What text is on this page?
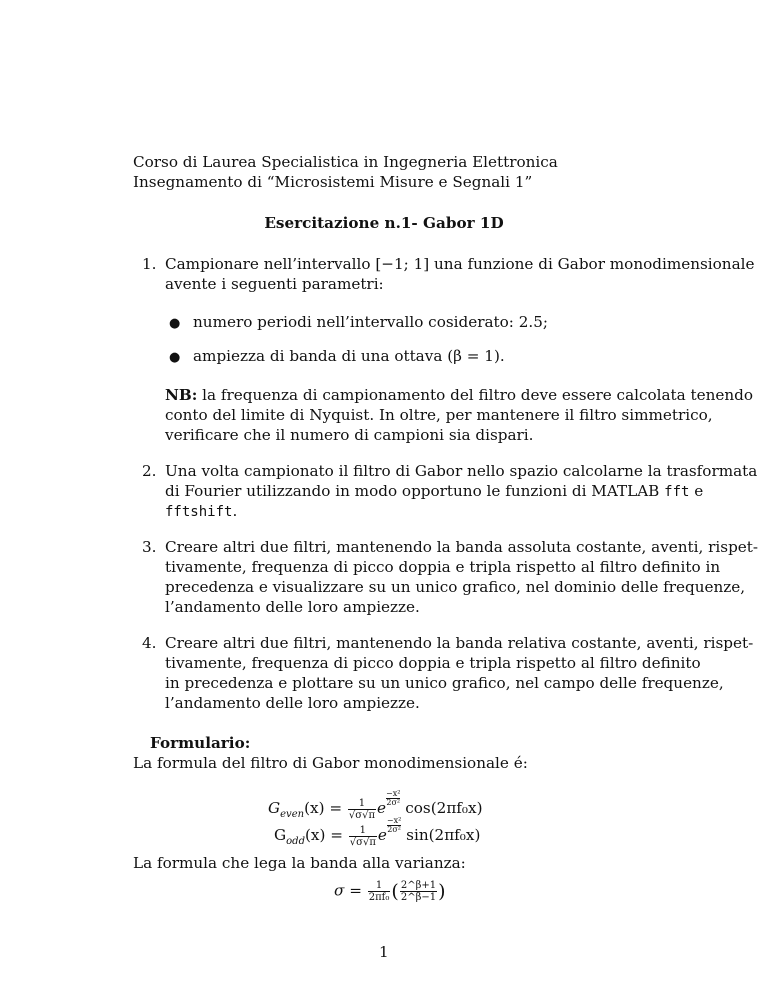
Corso di Laurea Specialistica in Ingegneria Elettronica
Insegnamento di “Microsistemi Misure e Segnali 1”
Esercitazione n.1- Gabor 1D
1. Campionare nell’intervallo [−1; 1] una funzione di Gabor monodimensionale
avente i seguenti parametri:
● numero periodi nell’intervallo cosiderato: 2.5;
● ampiezza di banda di una ottava (β = 1).
NB: la frequenza di campionamento del filtro deve essere calcolata tenendo
conto del limite di Nyquist. In oltre, per mantenere il filtro simmetrico,
verificare che il numero di campioni sia dispari.
2. Una volta campionato il filtro di Gabor nello spazio calcolarne la trasformata
di Fourier utilizzando in modo opportuno le funzioni di MATLAB fft e
fftshift.
3. Creare altri due filtri, mantenendo la banda assoluta costante, aventi, rispet-
tivamente, frequenza di picco doppia e tripla rispetto al filtro definito in
precedenza e visualizzare su un unico grafico, nel dominio delle frequenze,
l’andamento delle loro ampiezze.
4. Creare altri due filtri, mantenendo la banda relativa costante, aventi, rispet-
tivamente, frequenza di picco doppia e tripla rispetto al filtro definito
in precedenza e plottare su un unico grafico, nel campo delle frequenze,
l’andamento delle loro ampiezze.
Formulario:
La formula del filtro di Gabor monodimensionale é:
$G_{even}(x) = \frac{1}{√\sigma√\pi}$ e
$\frac{\text{−x²}}{\text{2σ²}} \cos(2\pi f_0x)$
$G_{odd}(x) = \frac{1}{√\sigma√\pi}$ e
$\frac{\text{−x²}}{\text{2σ²}} \sin(2\pi f_0x)$
La formula che lega la banda alla varianza:
$\sigma = \frac{1}{\text{2πf₀}}$ ( $\frac{2\^{}\beta+1}{2\^{}\beta-1}$ )
1
